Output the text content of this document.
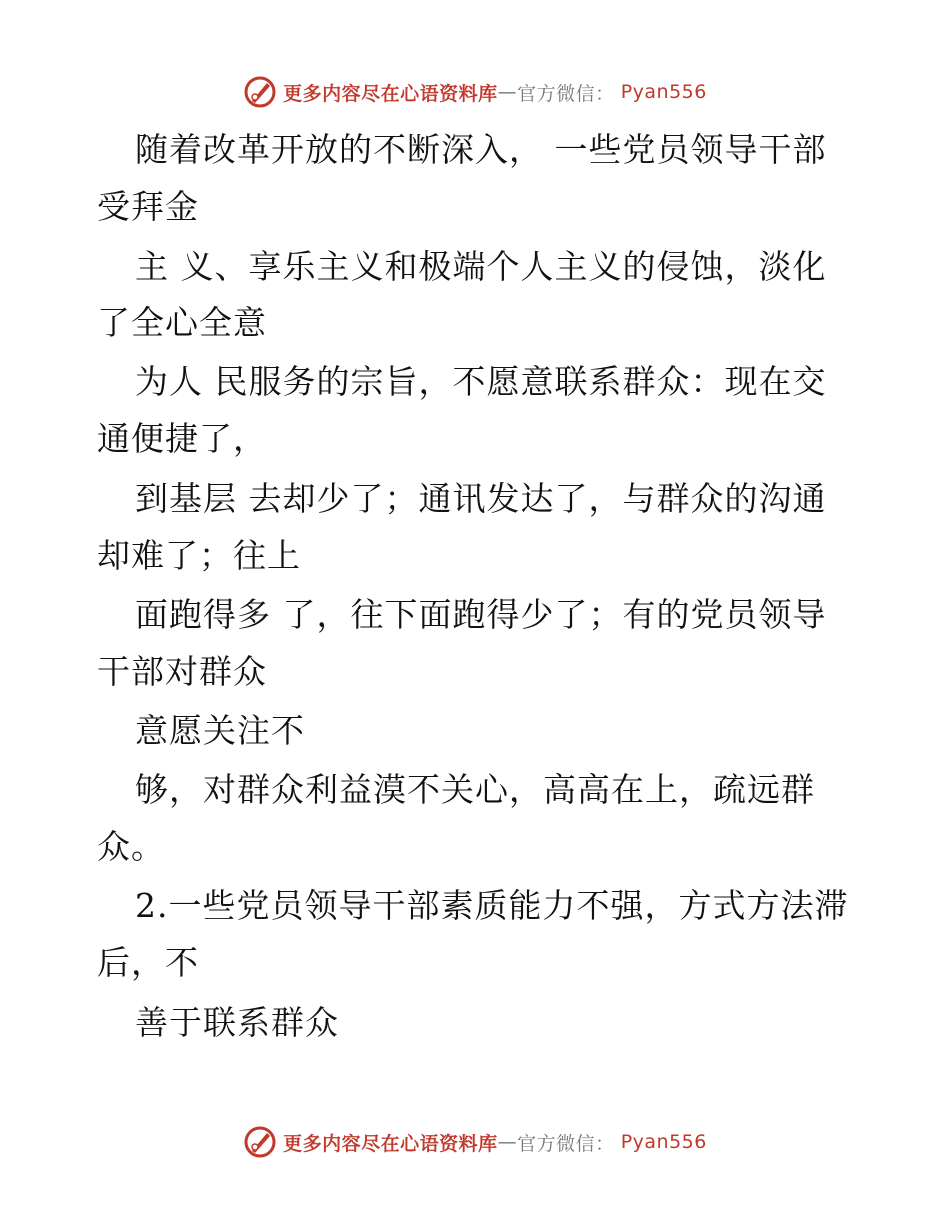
更多内容尽在心语资料库 — 官方微信： Pyan556
随着改革开放的不断深入， 一些党员领导干部
受拜金
主 义、享乐主义和极端个人主义的侵蚀，淡化
了全心全意
为人 民服务的宗旨，不愿意联系群众：现在交
通便捷了，
到基层 去却少了；通讯发达了，与群众的沟通
却难了；往上
面跑得多 了，往下面跑得少了；有的党员领导
干部对群众
意愿关注不
够，对群众利益漠不关心，高高在上，疏远群
众。
2.一些党员领导干部素质能力不强，方式方法滞
后，不
善于联系群众
更多内容尽在心语资料库 — 官方微信： Pyan556
